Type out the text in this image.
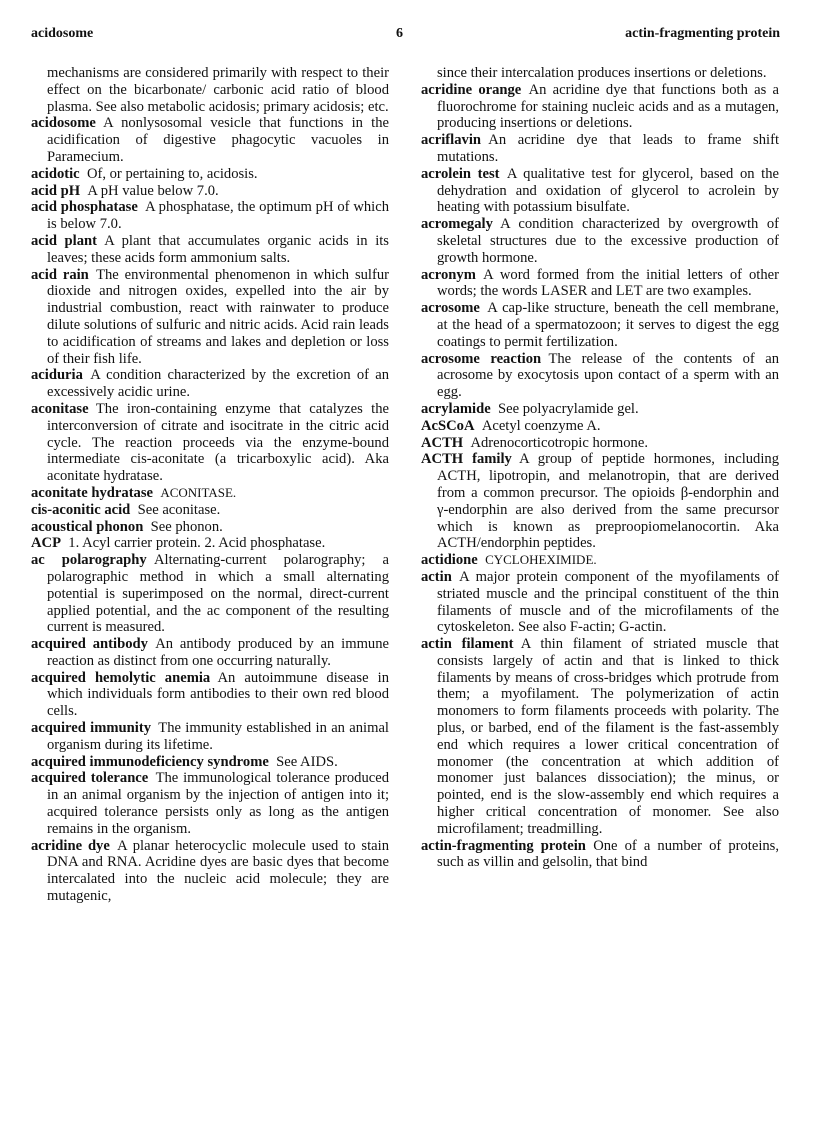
acidosome	6	actin-fragmenting protein

mechanisms are considered primarily with respect to their effect on the bicarbonate/ carbonic acid ratio of blood plasma. See also metabolic acidosis; primary acidosis; etc.

acidosome  A nonlysosomal vesicle that functions in the acidification of digestive phagocytic vacuoles in Paramecium.

acidotic  Of, or pertaining to, acidosis.

acid pH  A pH value below 7.0.

acid phosphatase  A phosphatase, the optimum pH of which is below 7.0.

acid plant  A plant that accumulates organic acids in its leaves; these acids form ammonium salts.

acid rain  The environmental phenomenon in which sulfur dioxide and nitrogen oxides, expelled into the air by industrial combustion, react with rainwater to produce dilute solutions of sulfuric and nitric acids. Acid rain leads to acidification of streams and lakes and depletion or loss of their fish life.

aciduria  A condition characterized by the excretion of an excessively acidic urine.

aconitase  The iron-containing enzyme that catalyzes the interconversion of citrate and isocitrate in the citric acid cycle. The reaction proceeds via the enzyme-bound intermediate cis-aconitate (a tricarboxylic acid). Aka aconitate hydratase.

aconitate hydratase  ACONITASE.

cis-aconitic acid  See aconitase.

acoustical phonon  See phonon.

ACP  1. Acyl carrier protein. 2. Acid phosphatase.

ac polarography  Alternating-current polarography; a polarographic method in which a small alternating potential is superimposed on the normal, direct-current applied potential, and the ac component of the resulting current is measured.

acquired antibody  An antibody produced by an immune reaction as distinct from one occurring naturally.

acquired hemolytic anemia  An autoimmune disease in which individuals form antibodies to their own red blood cells.

acquired immunity  The immunity established in an animal organism during its lifetime.

acquired immunodeficiency syndrome  See AIDS.

acquired tolerance  The immunological tolerance produced in an animal organism by the injection of antigen into it; acquired tolerance persists only as long as the antigen remains in the organism.

acridine dye  A planar heterocyclic molecule used to stain DNA and RNA. Acridine dyes are basic dyes that become intercalated into the nucleic acid molecule; they are mutagenic,

since their intercalation produces insertions or deletions.

acridine orange  An acridine dye that functions both as a fluorochrome for staining nucleic acids and as a mutagen, producing insertions or deletions.

acriflavin  An acridine dye that leads to frame shift mutations.

acrolein test  A qualitative test for glycerol, based on the dehydration and oxidation of glycerol to acrolein by heating with potassium bisulfate.

acromegaly  A condition characterized by overgrowth of skeletal structures due to the excessive production of growth hormone.

acronym  A word formed from the initial letters of other words; the words LASER and LET are two examples.

acrosome  A cap-like structure, beneath the cell membrane, at the head of a spermatozoon; it serves to digest the egg coatings to permit fertilization.

acrosome reaction  The release of the contents of an acrosome by exocytosis upon contact of a sperm with an egg.

acrylamide  See polyacrylamide gel.

AcSCoA  Acetyl coenzyme A.

ACTH  Adrenocorticotropic hormone.

ACTH family  A group of peptide hormones, including ACTH, lipotropin, and melanotropin, that are derived from a common precursor. The opioids β-endorphin and γ-endorphin are also derived from the same precursor which is known as preproopiomelanocortin. Aka ACTH/endorphin peptides.

actidione  CYCLOHEXIMIDE.

actin  A major protein component of the myofilaments of striated muscle and the principal constituent of the thin filaments of muscle and of the microfilaments of the cytoskeleton. See also F-actin; G-actin.

actin filament  A thin filament of striated muscle that consists largely of actin and that is linked to thick filaments by means of cross-bridges which protrude from them; a myofilament. The polymerization of actin monomers to form filaments proceeds with polarity. The plus, or barbed, end of the filament is the fast-assembly end which requires a lower critical concentration of monomer (the concentration at which addition of monomer just balances dissociation); the minus, or pointed, end is the slow-assembly end which requires a higher critical concentration of monomer. See also microfilament; treadmilling.

actin-fragmenting protein  One of a number of proteins, such as villin and gelsolin, that bind
